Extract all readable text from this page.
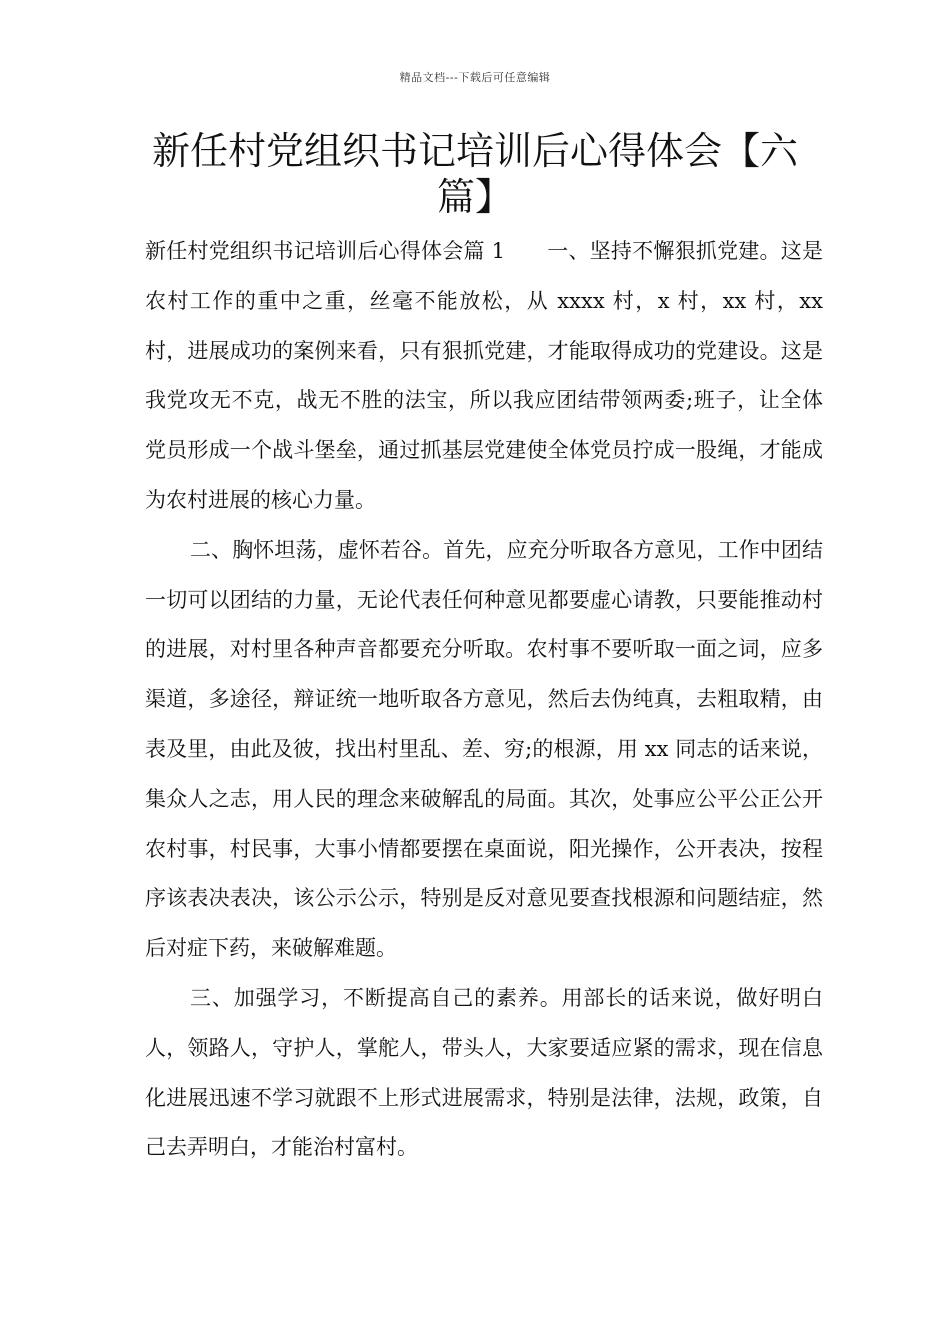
精品文档---下载后可任意编辑
新任村党组织书记培训后心得体会【六篇】

新任村党组织书记培训后心得体会篇 1 一、坚持不懈狠抓党建。这是农村工作的重中之重，丝毫不能放松，从 xxxx 村，x 村，xx 村，xx 村，进展成功的案例来看，只有狠抓党建，才能取得成功的党建设。这是我党攻无不克，战无不胜的法宝，所以我应团结带领两委;班子，让全体党员形成一个战斗堡垒，通过抓基层党建使全体党员拧成一股绳，才能成为农村进展的核心力量。

二、胸怀坦荡，虚怀若谷。首先，应充分听取各方意见，工作中团结一切可以团结的力量，无论代表任何种意见都要虚心请教，只要能推动村的进展，对村里各种声音都要充分听取。农村事不要听取一面之词，应多渠道，多途径，辩证统一地听取各方意见，然后去伪纯真，去粗取精，由表及里，由此及彼，找出村里乱、差、穷;的根源，用 xx 同志的话来说，集众人之志，用人民的理念来破解乱的局面。其次，处事应公平公正公开农村事，村民事，大事小情都要摆在桌面说，阳光操作，公开表决，按程序该表决表决，该公示公示，特别是反对意见要查找根源和问题结症，然后对症下药，来破解难题。

三、加强学习，不断提高自己的素养。用部长的话来说，做好明白人，领路人，守护人，掌舵人，带头人，大家要适应紧的需求，现在信息化进展迅速不学习就跟不上形式进展需求，特别是法律，法规，政策，自己去弄明白，才能治村富村。
